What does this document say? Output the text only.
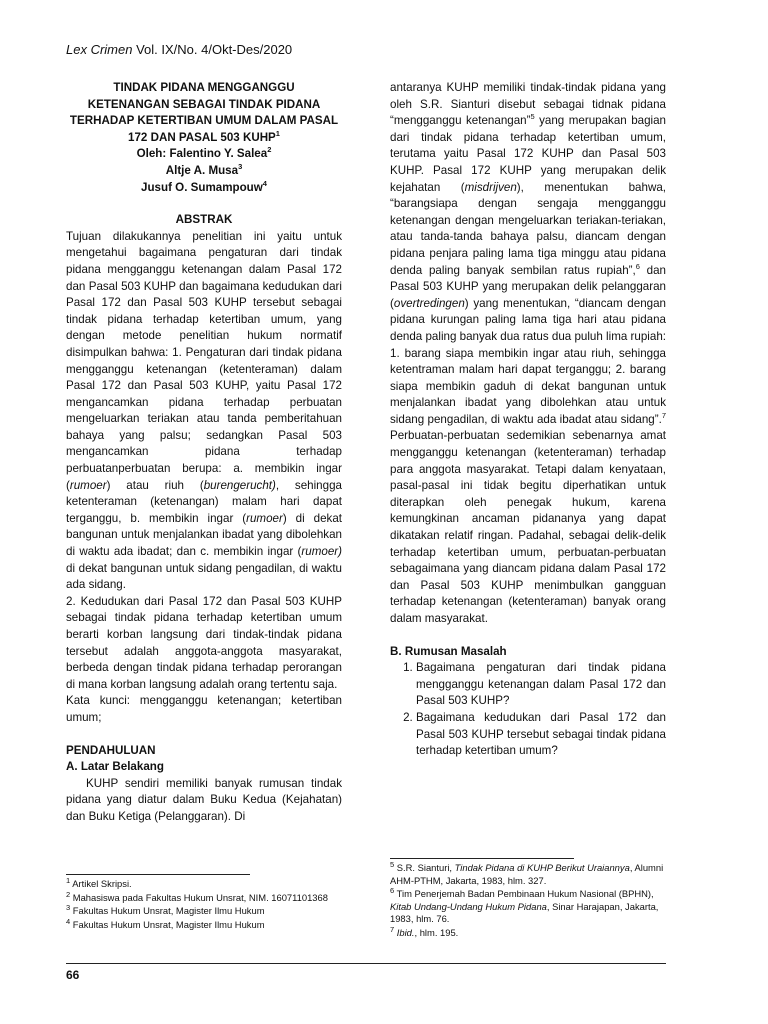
Lex Crimen Vol. IX/No. 4/Okt-Des/2020
TINDAK PIDANA MENGGANGGU
KETENANGAN SEBAGAI TINDAK PIDANA
TERHADAP KETERTIBAN UMUM DALAM PASAL
172 DAN PASAL 503 KUHP$^1$
Oleh: Falentino Y. Salea$^2$
Altje A. Musa$^3$
Jusuf O. Sumampouw$^4$
ABSTRAK

Tujuan dilakukannya penelitian ini yaitu untuk mengetahui bagaimana pengaturan dari tindak pidana mengganggu ketenangan dalam Pasal 172 dan Pasal 503 KUHP dan bagaimana kedudukan dari Pasal 172 dan Pasal 503 KUHP tersebut sebagai tindak pidana terhadap ketertiban umum, yang dengan metode penelitian hukum normatif disimpulkan bahwa: 1. Pengaturan dari tindak pidana mengganggu ketenangan (ketenteraman) dalam Pasal 172 dan Pasal 503 KUHP, yaitu Pasal 172 mengancamkan pidana terhadap perbuatan mengeluarkan teriakan atau tanda pemberitahuan bahaya yang palsu; sedangkan Pasal 503 mengancamkan pidana terhadap perbuatanperbuatan berupa: a. membikin ingar (rumoer) atau riuh (burengerucht), sehingga ketenteraman (ketenangan) malam hari dapat terganggu, b. membikin ingar (rumoer) di dekat bangunan untuk menjalankan ibadat yang dibolehkan di waktu ada ibadat; dan c. membikin ingar (rumoer) di dekat bangunan untuk sidang pengadilan, di waktu ada sidang.

2. Kedudukan dari Pasal 172 dan Pasal 503 KUHP sebagai tindak pidana terhadap ketertiban umum berarti korban langsung dari tindak-tindak pidana tersebut adalah anggota-anggota masyarakat, berbeda dengan tindak pidana terhadap perorangan di mana korban langsung adalah orang tertentu saja.

Kata kunci: mengganggu ketenangan; ketertiban umum;

PENDAHULUAN
A. Latar Belakang

KUHP sendiri memiliki banyak rumusan tindak pidana yang diatur dalam Buku Kedua (Kejahatan) dan Buku Ketiga (Pelanggaran). Di

antaranya KUHP memiliki tindak-tindak pidana yang oleh S.R. Sianturi disebut sebagai tidnak pidana “mengganggu ketenangan”$^5$ yang merupakan bagian dari tindak pidana terhadap ketertiban umum, terutama yaitu Pasal 172 KUHP dan Pasal 503 KUHP. Pasal 172 KUHP yang merupakan delik kejahatan (misdrijven), menentukan bahwa, “barangsiapa dengan sengaja mengganggu ketenangan dengan mengeluarkan teriakan-teriakan, atau tanda-tanda bahaya palsu, diancam dengan pidana penjara paling lama tiga minggu atau pidana denda paling banyak sembilan ratus rupiah”,$^6$ dan Pasal 503 KUHP yang merupakan delik pelanggaran (overtredingen) yang menentukan, “diancam dengan pidana kurungan paling lama tiga hari atau pidana denda paling banyak dua ratus dua puluh lima rupiah: 1. barang siapa membikin ingar atau riuh, sehingga ketentraman malam hari dapat terganggu; 2. barang siapa membikin gaduh di dekat bangunan untuk menjalankan ibadat yang dibolehkan atau untuk sidang pengadilan, di waktu ada ibadat atau sidang”.$^7$ Perbuatan-perbuatan sedemikian sebenarnya amat mengganggu ketenangan (ketenteraman) terhadap para anggota masyarakat. Tetapi dalam kenyataan, pasal-pasal ini tidak begitu diperhatikan untuk diterapkan oleh penegak hukum, karena kemungkinan ancaman pidananya yang dapat dikatakan relatif ringan. Padahal, sebagai delik-delik terhadap ketertiban umum, perbuatan-perbuatan sebagaimana yang diancam pidana dalam Pasal 172 dan Pasal 503 KUHP menimbulkan gangguan terhadap ketenangan (ketenteraman) banyak orang dalam masyarakat.

B. Rumusan Masalah
1. Bagaimana pengaturan dari tindak pidana mengganggu ketenangan dalam Pasal 172 dan Pasal 503 KUHP?
2. Bagaimana kedudukan dari Pasal 172 dan Pasal 503 KUHP tersebut sebagai tindak pidana terhadap ketertiban umum?

$^1$ Artikel Skripsi.

$^2$ Mahasiswa pada Fakultas Hukum Unsrat, NIM. 16071101368

$^3$ Fakultas Hukum Unsrat, Magister Ilmu Hukum

$^4$ Fakultas Hukum Unsrat, Magister Ilmu Hukum

$^5$ S.R. Sianturi, Tindak Pidana di KUHP Berikut Uraiannya, Alumni AHM-PTHM, Jakarta, 1983, hlm. 327.

$^6$ Tim Penerjemah Badan Pembinaan Hukum Nasional (BPHN), Kitab Undang-Undang Hukum Pidana, Sinar Harajapan, Jakarta, 1983, hlm. 76.

$^7$ Ibid., hlm. 195.

66
